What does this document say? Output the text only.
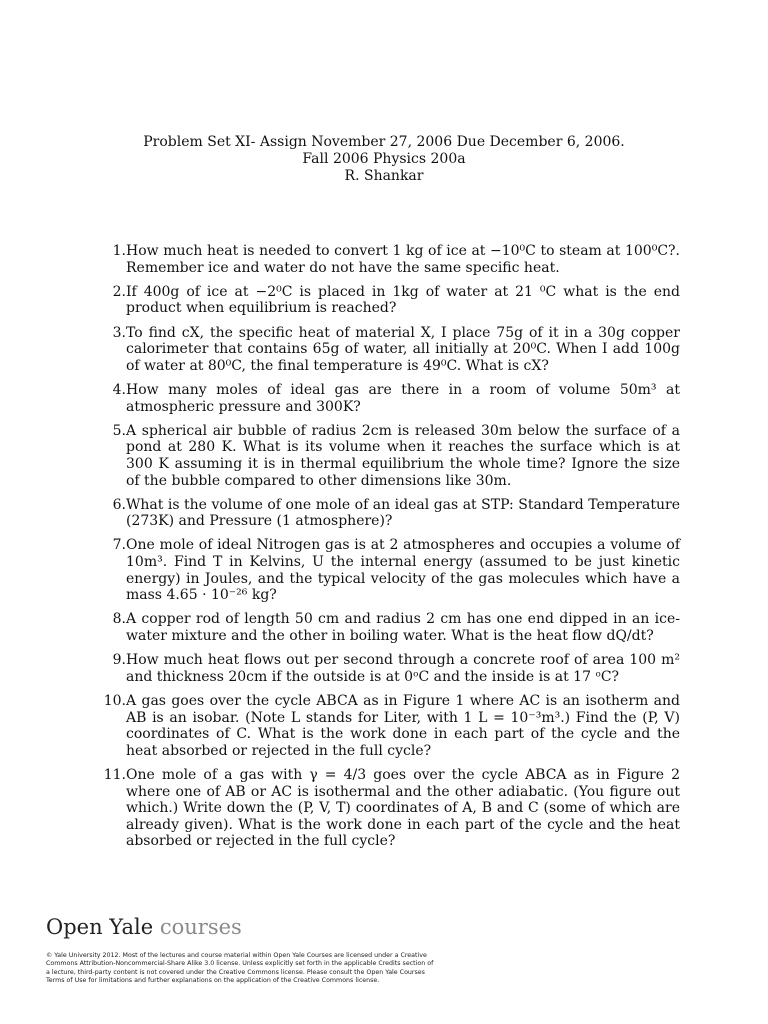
Problem Set XI- Assign November 27, 2006 Due December 6, 2006.
Fall 2006 Physics 200a
R. Shankar
1. How much heat is needed to convert 1 kg of ice at −10⁰C to steam at 100⁰C?. Remember ice and water do not have the same specific heat.
2. If 400g of ice at −2⁰C is placed in 1kg of water at 21 ⁰C what is the end product when equilibrium is reached?
3. To find cX, the specific heat of material X, I place 75g of it in a 30g copper calorimeter that contains 65g of water, all initially at 20⁰C. When I add 100g of water at 80⁰C, the final temperature is 49⁰C. What is cX?
4. How many moles of ideal gas are there in a room of volume 50m³ at atmospheric pressure and 300K?
5. A spherical air bubble of radius 2cm is released 30m below the surface of a pond at 280 K. What is its volume when it reaches the surface which is at 300 K assuming it is in thermal equilibrium the whole time? Ignore the size of the bubble compared to other dimensions like 30m.
6. What is the volume of one mole of an ideal gas at STP: Standard Temperature (273K) and Pressure (1 atmosphere)?
7. One mole of ideal Nitrogen gas is at 2 atmospheres and occupies a volume of 10m³. Find T in Kelvins, U the internal energy (assumed to be just kinetic energy) in Joules, and the typical velocity of the gas molecules which have a mass 4.65 · 10⁻²⁶ kg?
8. A copper rod of length 50 cm and radius 2 cm has one end dipped in an ice-water mixture and the other in boiling water. What is the heat flow dQ/dt?
9. How much heat flows out per second through a concrete roof of area 100 m² and thickness 20cm if the outside is at 0ᵒC and the inside is at 17 ᵒC?
10. A gas goes over the cycle ABCA as in Figure 1 where AC is an isotherm and AB is an isobar. (Note L stands for Liter, with 1 L = 10⁻³m³.) Find the (P, V) coordinates of C. What is the work done in each part of the cycle and the heat absorbed or rejected in the full cycle?
11. One mole of a gas with γ = 4/3 goes over the cycle ABCA as in Figure 2 where one of AB or AC is isothermal and the other adiabatic. (You figure out which.) Write down the (P, V, T) coordinates of A, B and C (some of which are already given). What is the work done in each part of the cycle and the heat absorbed or rejected in the full cycle?
Open Yale courses
© Yale University 2012. Most of the lectures and course material within Open Yale Courses are licensed under a Creative Commons Attribution-Noncommercial-Share Alike 3.0 license. Unless explicitly set forth in the applicable Credits section of a lecture, third-party content is not covered under the Creative Commons license. Please consult the Open Yale Courses Terms of Use for limitations and further explanations on the application of the Creative Commons license.
